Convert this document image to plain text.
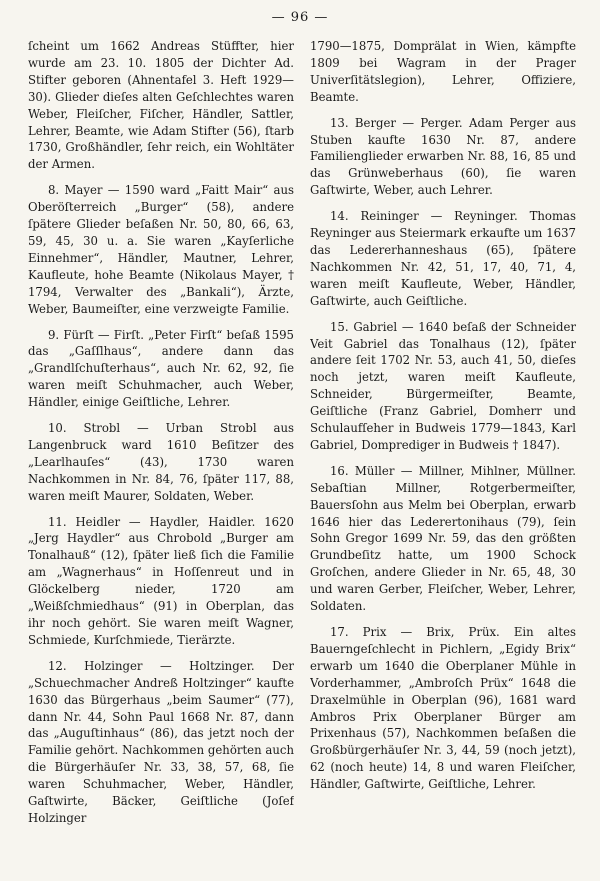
— 96 —

ſcheint um 1662 Andreas Stüffter, hier wurde am 23. 10. 1805 der Dichter Ad. Stifter geboren (Ahnentafel 3. Heft 1929—30). Glieder dieſes alten Geſchlechtes waren Weber, Fleiſcher, Fiſcher, Händler, Sattler, Lehrer, Beamte, wie Adam Stifter (56), ſtarb 1730, Großhändler, ſehr reich, ein Wohltäter der Armen.

8. Mayer — 1590 ward „Faitt Mair“ aus Oberöſterreich „Burger“ (58), andere ſpätere Glieder beſaßen Nr. 50, 80, 66, 63, 59, 45, 30 u. a. Sie waren „Kayſerliche Einnehmer“, Händler, Mautner, Lehrer, Kaufleute, hohe Beamte (Nikolaus Mayer, † 1794, Verwalter des „Bankali“), Ärzte, Weber, Baumeiſter, eine verzweigte Familie.

9. Fürſt — Firſt. „Peter Firſt“ beſaß 1595 das „Gaſſlhaus“, andere dann das „Grandlſchuſterhaus“, auch Nr. 62, 92, ſie waren meiſt Schuhmacher, auch Weber, Händler, einige Geiſtliche, Lehrer.

10. Strobl — Urban Strobl aus Langenbruck ward 1610 Beſitzer des „Learlhauſes“ (43), 1730 waren Nachkommen in Nr. 84, 76, ſpäter 117, 88, waren meiſt Maurer, Soldaten, Weber.

11. Heidler — Haydler, Haidler. 1620 „Jerg Haydler“ aus Chrobold „Burger am Tonalhauß“ (12), ſpäter ließ ſich die Familie am „Wagnerhaus“ in Hoſſenreut und in Glöckelberg nieder, 1720 am „Weißſchmiedhaus“ (91) in Oberplan, das ihr noch gehört. Sie waren meiſt Wagner, Schmiede, Kurſchmiede, Tierärzte.

12. Holzinger — Holtzinger. Der „Schuechmacher Andreß Holtzinger“ kaufte 1630 das Bürgerhaus „beim Saumer“ (77), dann Nr. 44, Sohn Paul 1668 Nr. 87, dann das „Auguſtinhaus“ (86), das jetzt noch der Familie gehört. Nachkommen gehörten auch die Bürgerhäuſer Nr. 33, 38, 57, 68, ſie waren Schuhmacher, Weber, Händler, Gaſtwirte, Bäcker, Geiſtliche (Joſef Holzinger

1790—1875, Domprälat in Wien, kämpfte 1809 bei Wagram in der Prager Univerſitätslegion), Lehrer, Offiziere, Beamte.

13. Berger — Perger. Adam Perger aus Stuben kaufte 1630 Nr. 87, andere Familienglieder erwarben Nr. 88, 16, 85 und das Grünweberhaus (60), ſie waren Gaſtwirte, Weber, auch Lehrer.

14. Reininger — Reyninger. Thomas Reyninger aus Steiermark erkaufte um 1637 das Ledererhanneshaus (65), ſpätere Nachkommen Nr. 42, 51, 17, 40, 71, 4, waren meiſt Kaufleute, Weber, Händler, Gaſtwirte, auch Geiſtliche.

15. Gabriel — 1640 beſaß der Schneider Veit Gabriel das Tonalhaus (12), ſpäter andere ſeit 1702 Nr. 53, auch 41, 50, dieſes noch jetzt, waren meiſt Kaufleute, Schneider, Bürgermeiſter, Beamte, Geiſtliche (Franz Gabriel, Domherr und Schulaufſeher in Budweis 1779—1843, Karl Gabriel, Domprediger in Budweis † 1847).

16. Müller — Millner, Mihlner, Müllner. Sebaſtian Millner, Rotgerbermeiſter, Bauersſohn aus Melm bei Oberplan, erwarb 1646 hier das Lederertonihaus (79), ſein Sohn Gregor 1699 Nr. 59, das den größten Grundbeſitz hatte, um 1900 Schock Groſchen, andere Glieder in Nr. 65, 48, 30 und waren Gerber, Fleiſcher, Weber, Lehrer, Soldaten.

17. Prix — Brix, Prüx. Ein altes Bauerngeſchlecht in Pichlern, „Egidy Brix“ erwarb um 1640 die Oberplaner Mühle in Vorderhammer, „Ambroſch Prüx“ 1648 die Draxelmühle in Oberplan (96), 1681 ward Ambros Prix Oberplaner Bürger am Prixenhaus (57), Nachkommen beſaßen die Großbürgerhäuſer Nr. 3, 44, 59 (noch jetzt), 62 (noch heute) 14, 8 und waren Fleiſcher, Händler, Gaſtwirte, Geiſtliche, Lehrer.
